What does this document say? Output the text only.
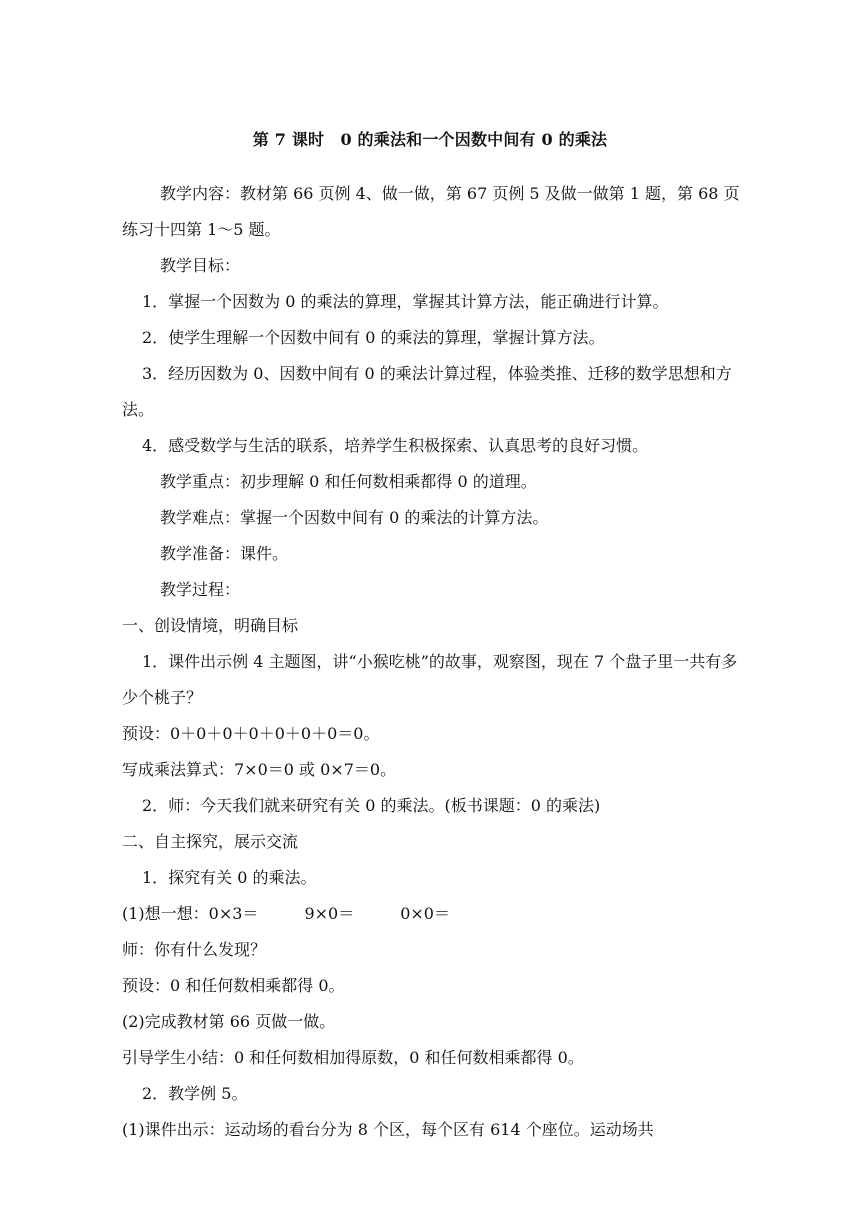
第 7 课时　0 的乘法和一个因数中间有 0 的乘法

教学内容：教材第 66 页例 4、做一做，第 67 页例 5 及做一做第 1 题，第 68 页练习十四第 1～5 题。

教学目标：

1．掌握一个因数为 0 的乘法的算理，掌握其计算方法，能正确进行计算。

2．使学生理解一个因数中间有 0 的乘法的算理，掌握计算方法。

3．经历因数为 0、因数中间有 0 的乘法计算过程，体验类推、迁移的数学思想和方法。

4．感受数学与生活的联系，培养学生积极探索、认真思考的良好习惯。

教学重点：初步理解 0 和任何数相乘都得 0 的道理。

教学难点：掌握一个因数中间有 0 的乘法的计算方法。

教学准备：课件。

教学过程：

一、创设情境，明确目标

1．课件出示例 4 主题图，讲“小猴吃桃”的故事，观察图，现在 7 个盘子里一共有多少个桃子？

预设：0＋0＋0＋0＋0＋0＋0＝0。

写成乘法算式：7×0＝0 或 0×7＝0。

2．师：今天我们就来研究有关 0 的乘法。(板书课题：0 的乘法)

二、自主探究，展示交流

1．探究有关 0 的乘法。

(1)想一想：0×3＝	9×0＝	0×0＝

师：你有什么发现？

预设：0 和任何数相乘都得 0。

(2)完成教材第 66 页做一做。

引导学生小结：0 和任何数相加得原数，0 和任何数相乘都得 0。

2．教学例 5。

(1)课件出示：运动场的看台分为 8 个区，每个区有 614 个座位。运动场共
